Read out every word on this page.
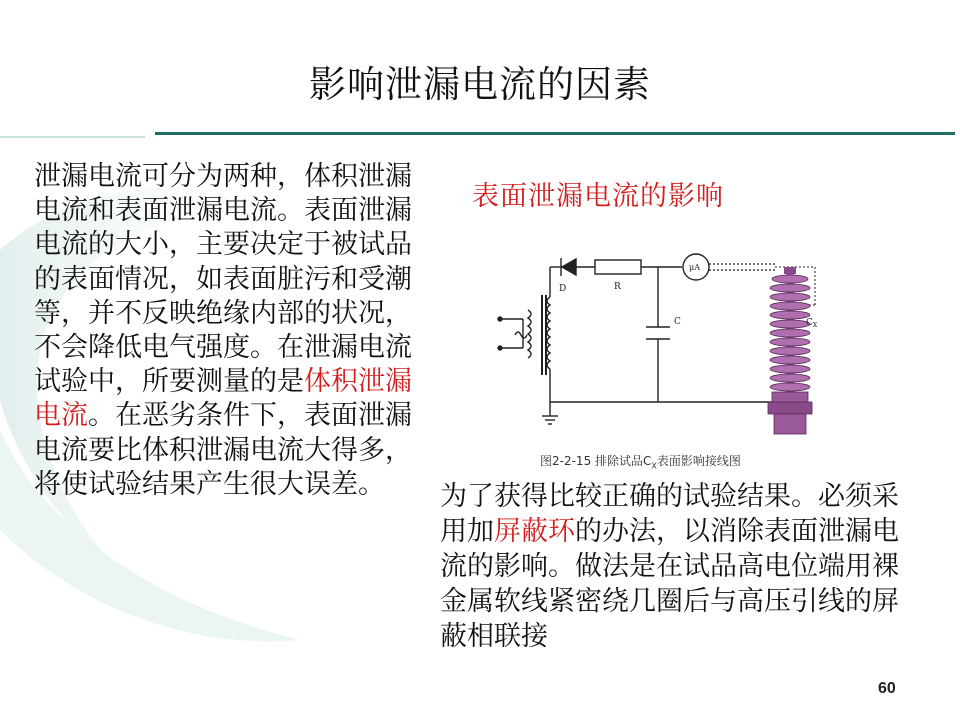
影响泄漏电流的因素
泄漏电流可分为两种，体积泄漏电流和表面泄漏电流。表面泄漏电流的大小，主要决定于被试品的表面情况，如表面脏污和受潮等，并不反映绝缘内部的状况，不会降低电气强度。在泄漏电流试验中，所要测量的是体积泄漏电流。在恶劣条件下，表面泄漏电流要比体积泄漏电流大得多，将使试验结果产生很大误差。
表面泄漏电流的影响
D	R
C
μA
$C_X$
图2-2-15 排除试品$C_X$表面影响接线图
为了获得比较正确的试验结果。必须采用加屏蔽环的办法，以消除表面泄漏电流的影响。做法是在试品高电位端用裸金属软线紧密绕几圈后与高压引线的屏蔽相联接
60
